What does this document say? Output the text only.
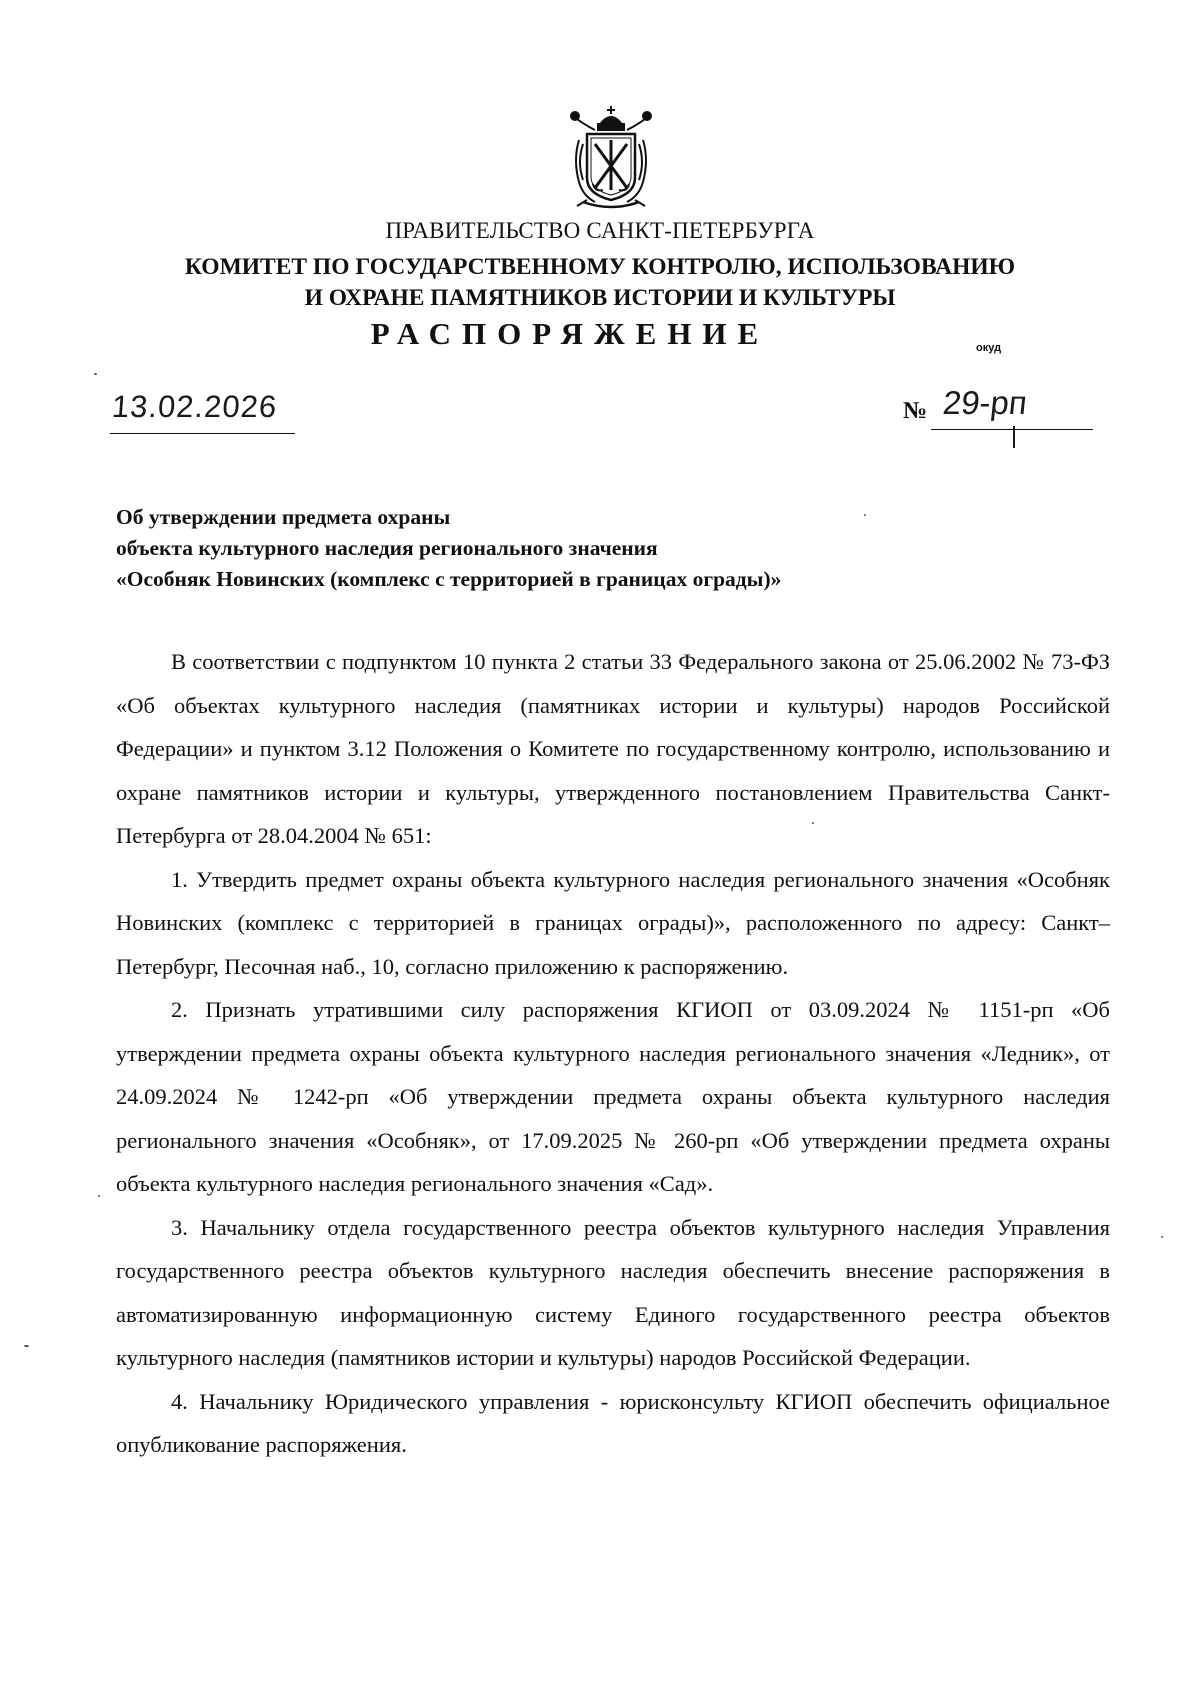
ПРАВИТЕЛЬСТВО САНКТ-ПЕТЕРБУРГА
КОМИТЕТ ПО ГОСУДАРСТВЕННОМУ КОНТРОЛЮ, ИСПОЛЬЗОВАНИЮ
И ОХРАНЕ ПАМЯТНИКОВ ИСТОРИИ И КУЛЬТУРЫ
РАСПОРЯЖЕНИЕ	окуд
13.02.2026	№ 29-рп
Об утверждении предмета охраны
объекта культурного наследия регионального значения
«Особняк Новинских (комплекс с территорией в границах ограды)»

В соответствии с подпунктом 10 пункта 2 статьи 33 Федерального закона от 25.06.2002 № 73-ФЗ «Об объектах культурного наследия (памятниках истории и культуры) народов Российской Федерации» и пунктом 3.12 Положения о Комитете по государственному контролю, использованию и охране памятников истории и культуры, утвержденного постановлением Правительства Санкт-Петербурга от 28.04.2004 № 651:

1. Утвердить предмет охраны объекта культурного наследия регионального значения «Особняк Новинских (комплекс с территорией в границах ограды)», расположенного по адресу: Санкт–Петербург, Песочная наб., 10, согласно приложению к распоряжению.

2. Признать утратившими силу распоряжения КГИОП от 03.09.2024 № 1151-рп «Об утверждении предмета охраны объекта культурного наследия регионального значения «Ледник», от 24.09.2024 № 1242-рп «Об утверждении предмета охраны объекта культурного наследия регионального значения «Особняк», от 17.09.2025 № 260-рп «Об утверждении предмета охраны объекта культурного наследия регионального значения «Сад».

3. Начальнику отдела государственного реестра объектов культурного наследия Управления государственного реестра объектов культурного наследия обеспечить внесение распоряжения в автоматизированную информационную систему Единого государственного реестра объектов культурного наследия (памятников истории и культуры) народов Российской Федерации.

4. Начальнику Юридического управления - юрисконсульту КГИОП обеспечить официальное опубликование распоряжения.
